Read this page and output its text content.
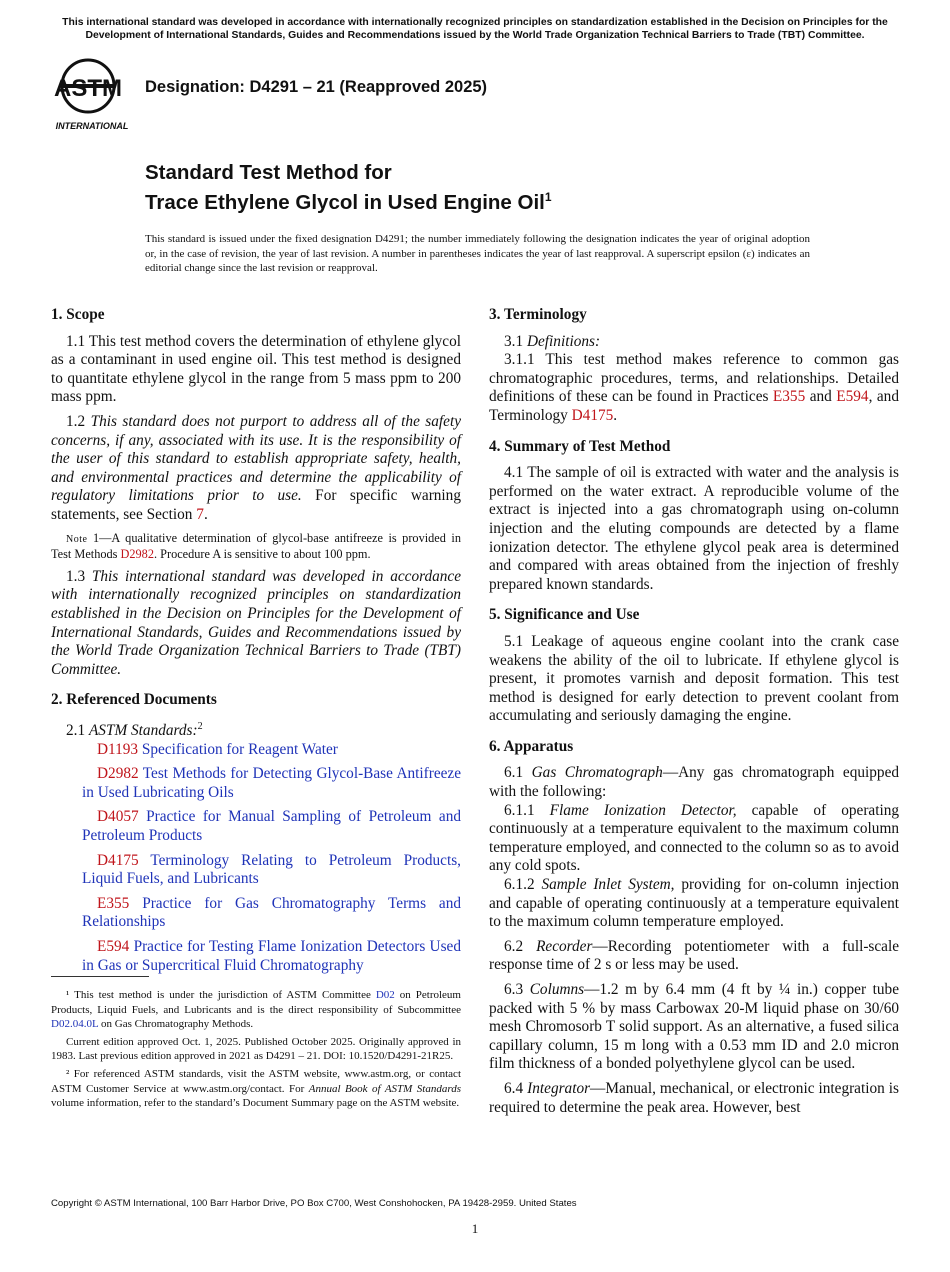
This international standard was developed in accordance with internationally recognized principles on standardization established in the Decision on Principles for the Development of International Standards, Guides and Recommendations issued by the World Trade Organization Technical Barriers to Trade (TBT) Committee.
ASTM
INTERNATIONAL
Designation: D4291 – 21 (Reapproved 2025)
Standard Test Method for
Trace Ethylene Glycol in Used Engine Oil$^1$
This standard is issued under the fixed designation D4291; the number immediately following the designation indicates the year of original adoption or, in the case of revision, the year of last revision. A number in parentheses indicates the year of last reapproval. A superscript epsilon (ε) indicates an editorial change since the last revision or reapproval.
1. Scope

1.1 This test method covers the determination of ethylene glycol as a contaminant in used engine oil. This test method is designed to quantitate ethylene glycol in the range from 5 mass ppm to 200 mass ppm.

1.2 This standard does not purport to address all of the safety concerns, if any, associated with its use. It is the responsibility of the user of this standard to establish appropriate safety, health, and environmental practices and determine the applicability of regulatory limitations prior to use. For specific warning statements, see Section 7.

Note 1—A qualitative determination of glycol-base antifreeze is provided in Test Methods D2982. Procedure A is sensitive to about 100 ppm.

1.3 This international standard was developed in accordance with internationally recognized principles on standardization established in the Decision on Principles for the Development of International Standards, Guides and Recommendations issued by the World Trade Organization Technical Barriers to Trade (TBT) Committee.

2. Referenced Documents

2.1 ASTM Standards:$^2$

D1193 Specification for Reagent Water

D2982 Test Methods for Detecting Glycol-Base Antifreeze in Used Lubricating Oils

D4057 Practice for Manual Sampling of Petroleum and Petroleum Products

D4175 Terminology Relating to Petroleum Products, Liquid Fuels, and Lubricants

E355 Practice for Gas Chromatography Terms and Relationships

E594 Practice for Testing Flame Ionization Detectors Used in Gas or Supercritical Fluid Chromatography

¹ This test method is under the jurisdiction of ASTM Committee D02 on Petroleum Products, Liquid Fuels, and Lubricants and is the direct responsibility of Subcommittee D02.04.0L on Gas Chromatography Methods.

Current edition approved Oct. 1, 2025. Published October 2025. Originally approved in 1983. Last previous edition approved in 2021 as D4291 – 21. DOI: 10.1520/D4291-21R25.

² For referenced ASTM standards, visit the ASTM website, www.astm.org, or contact ASTM Customer Service at www.astm.org/contact. For Annual Book of ASTM Standards volume information, refer to the standard’s Document Summary page on the ASTM website.

3. Terminology

3.1 Definitions:

3.1.1 This test method makes reference to common gas chromatographic procedures, terms, and relationships. Detailed definitions of these can be found in Practices E355 and E594, and Terminology D4175.

4. Summary of Test Method

4.1 The sample of oil is extracted with water and the analysis is performed on the water extract. A reproducible volume of the extract is injected into a gas chromatograph using on-column injection and the eluting compounds are detected by a flame ionization detector. The ethylene glycol peak area is determined and compared with areas obtained from the injection of freshly prepared known standards.

5. Significance and Use

5.1 Leakage of aqueous engine coolant into the crank case weakens the ability of the oil to lubricate. If ethylene glycol is present, it promotes varnish and deposit formation. This test method is designed for early detection to prevent coolant from accumulating and seriously damaging the engine.

6. Apparatus

6.1 Gas Chromatograph—Any gas chromatograph equipped with the following:

6.1.1 Flame Ionization Detector, capable of operating continuously at a temperature equivalent to the maximum column temperature employed, and connected to the column so as to avoid any cold spots.

6.1.2 Sample Inlet System, providing for on-column injection and capable of operating continuously at a temperature equivalent to the maximum column temperature employed.

6.2 Recorder—Recording potentiometer with a full-scale response time of 2 s or less may be used.

6.3 Columns—1.2 m by 6.4 mm (4 ft by ¼ in.) copper tube packed with 5 % by mass Carbowax 20-M liquid phase on 30/60 mesh Chromosorb T solid support. As an alternative, a fused silica capillary column, 15 m long with a 0.53 mm ID and 2.0 micron film thickness of a bonded polyethylene glycol can be used.

6.4 Integrator—Manual, mechanical, or electronic integration is required to determine the peak area. However, best

Copyright © ASTM International, 100 Barr Harbor Drive, PO Box C700, West Conshohocken, PA 19428-2959. United States
1
